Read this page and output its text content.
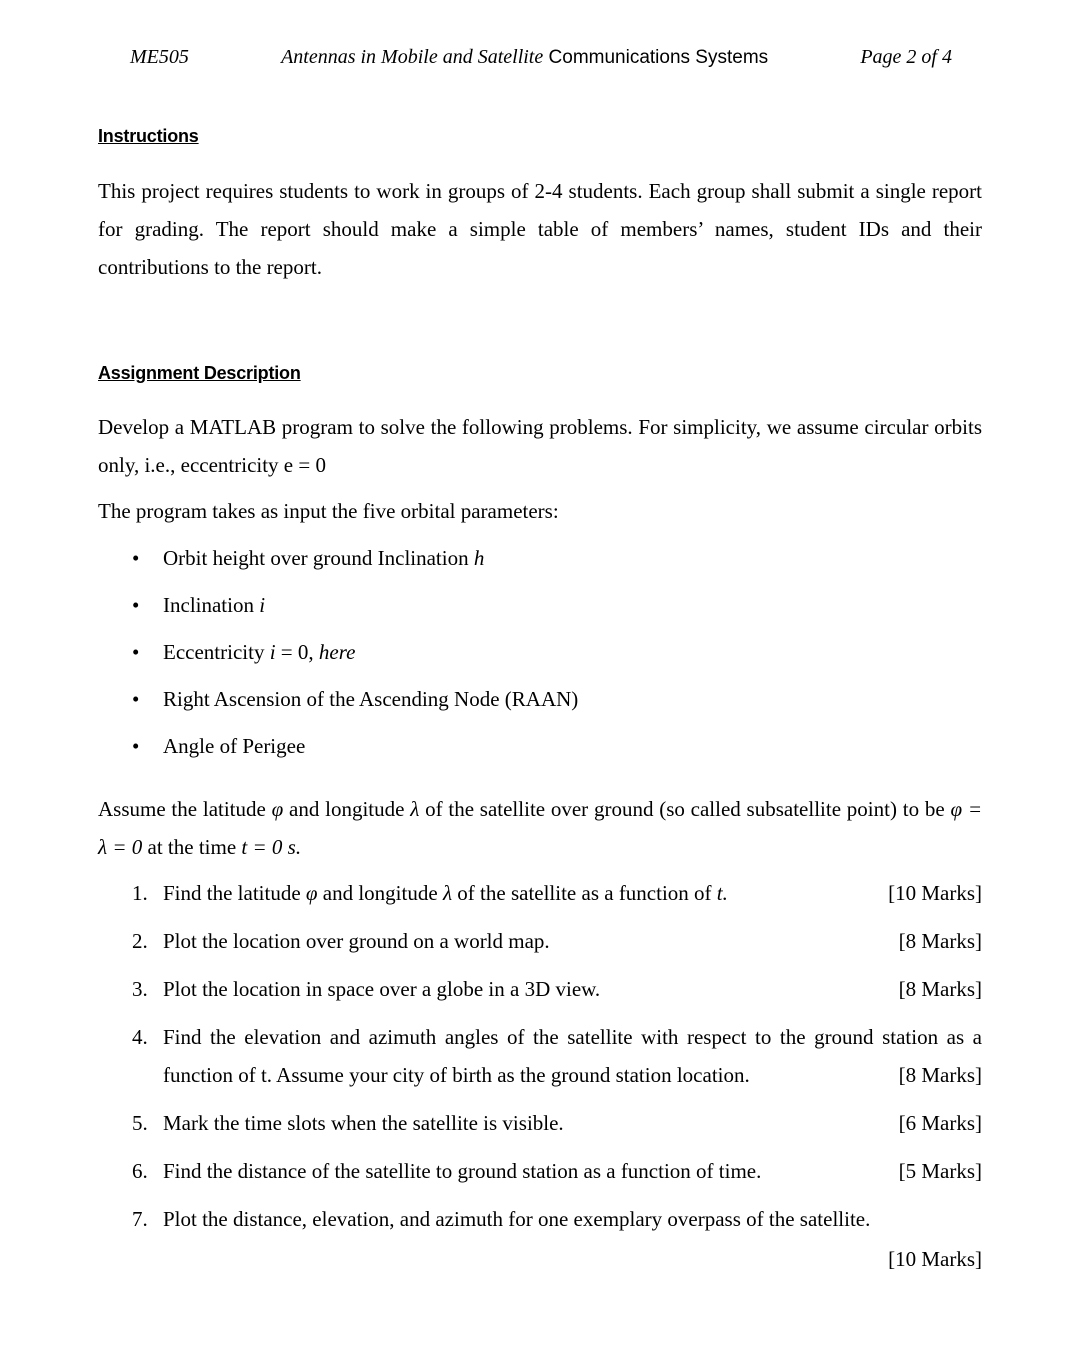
ME505	Antennas in Mobile and Satellite Communications Systems	Page 2 of 4
Instructions

This project requires students to work in groups of 2-4 students. Each group shall submit a single report for grading. The report should make a simple table of members’ names, student IDs and their contributions to the report.

Assignment Description

Develop a MATLAB program to solve the following problems. For simplicity, we assume circular orbits only, i.e., eccentricity e = 0

The program takes as input the five orbital parameters:

• Orbit height over ground Inclination h
• Inclination i
• Eccentricity i = 0, here
• Right Ascension of the Ascending Node (RAAN)
• Angle of Perigee

Assume the latitude φ and longitude λ of the satellite over ground (so called subsatellite point) to be φ = λ = 0 at the time t = 0 s.

1. Find the latitude φ and longitude λ of the satellite as a function of t.	[10 Marks]
2. Plot the location over ground on a world map.	[8 Marks]
3. Plot the location in space over a globe in a 3D view.	[8 Marks]
4. Find the elevation and azimuth angles of the satellite with respect to the ground station as a function of t. Assume your city of birth as the ground station location.	[8 Marks]
5. Mark the time slots when the satellite is visible.	[6 Marks]
6. Find the distance of the satellite to ground station as a function of time.	[5 Marks]
7. Plot the distance, elevation, and azimuth for one exemplary overpass of the satellite.
[10 Marks]
